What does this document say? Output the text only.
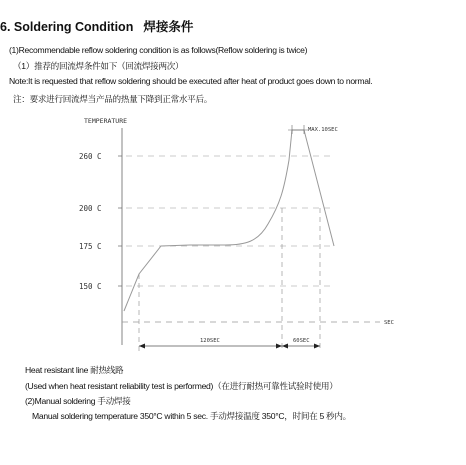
6. Soldering Condition 焊接条件
(1)Recommendable reflow soldering condition is as follows(Reflow soldering is twice)
（1）推荐的回流焊条件如下（回流焊接两次）
Note:It is requested that reflow soldering should be executed after heat of product goes down to normal.
注：要求进行回流焊当产品的热量下降到正常水平后。
TEMPERATURE
260 C
200 C
175 C
150 C
SEC
MAX.10SEC
120SEC	60SEC
Heat resistant line 耐热线路
(Used when heat resistant reliability test is performed)（在进行耐热可靠性试验时使用）
(2)Manual soldering 手动焊接
Manual soldering temperature 350°C within 5 sec. 手动焊接温度 350°C，时间在 5 秒内。
